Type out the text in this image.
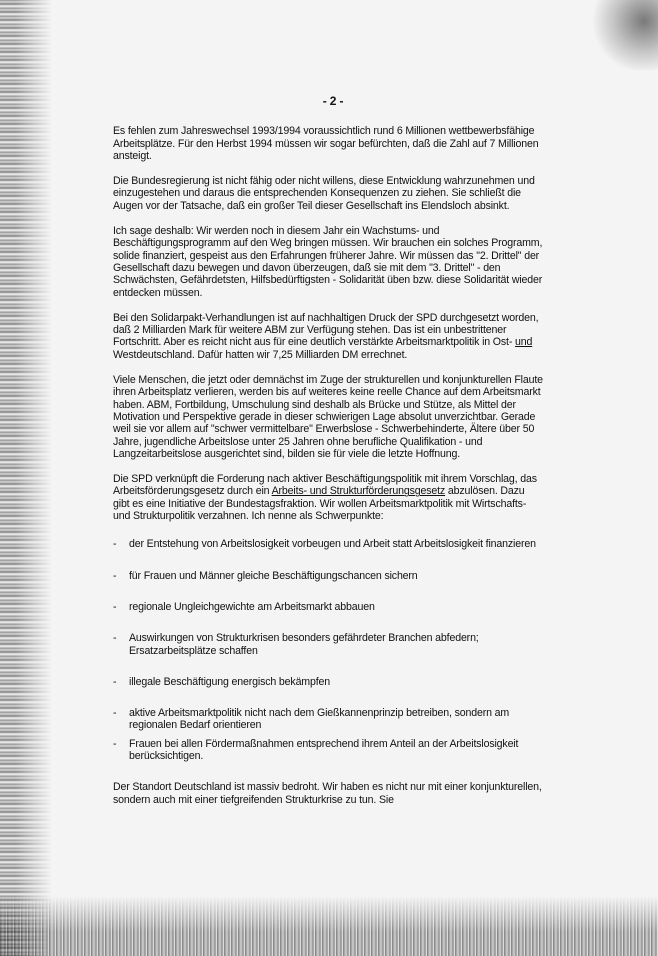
- 2 -

Es fehlen zum Jahreswechsel 1993/1994 voraussichtlich rund 6 Millionen wettbewerbsfähige Arbeitsplätze. Für den Herbst 1994 müssen wir sogar befürchten, daß die Zahl auf 7 Millionen ansteigt.

Die Bundesregierung ist nicht fähig oder nicht willens, diese Entwicklung wahrzunehmen und einzugestehen und daraus die entsprechenden Konsequenzen zu ziehen. Sie schließt die Augen vor der Tatsache, daß ein großer Teil dieser Gesellschaft ins Elendsloch absinkt.

Ich sage deshalb: Wir werden noch in diesem Jahr ein Wachstums- und Beschäftigungsprogramm auf den Weg bringen müssen. Wir brauchen ein solches Programm, solide finanziert, gespeist aus den Erfahrungen früherer Jahre. Wir müssen das "2. Drittel" der Gesellschaft dazu bewegen und davon überzeugen, daß sie mit dem "3. Drittel" - den Schwächsten, Gefährdetsten, Hilfsbedürftigsten - Solidarität üben bzw. diese Solidarität wieder entdecken müssen.

Bei den Solidarpakt-Verhandlungen ist auf nachhaltigen Druck der SPD durchgesetzt worden, daß 2 Milliarden Mark für weitere ABM zur Verfügung stehen. Das ist ein unbestrittener Fortschritt. Aber es reicht nicht aus für eine deutlich verstärkte Arbeitsmarktpolitik in Ost- und Westdeutschland. Dafür hatten wir 7,25 Milliarden DM errechnet.

Viele Menschen, die jetzt oder demnächst im Zuge der strukturellen und konjunkturellen Flaute ihren Arbeitsplatz verlieren, werden bis auf weiteres keine reelle Chance auf dem Arbeitsmarkt haben. ABM, Fortbildung, Umschulung sind deshalb als Brücke und Stütze, als Mittel der Motivation und Perspektive gerade in dieser schwierigen Lage absolut unverzichtbar. Gerade weil sie vor allem auf "schwer vermittelbare" Erwerbslose - Schwerbehinderte, Ältere über 50 Jahre, jugendliche Arbeitslose unter 25 Jahren ohne berufliche Qualifikation - und Langzeitarbeitslose ausgerichtet sind, bilden sie für viele die letzte Hoffnung.

Die SPD verknüpft die Forderung nach aktiver Beschäftigungspolitik mit ihrem Vorschlag, das Arbeitsförderungsgesetz durch ein Arbeits- und Strukturförderungsgesetz abzulösen. Dazu gibt es eine Initiative der Bundestagsfraktion. Wir wollen Arbeitsmarktpolitik mit Wirtschafts- und Strukturpolitik verzahnen. Ich nenne als Schwerpunkte:

- der Entstehung von Arbeitslosigkeit vorbeugen und Arbeit statt Arbeitslosigkeit finanzieren
- für Frauen und Männer gleiche Beschäftigungschancen sichern
- regionale Ungleichgewichte am Arbeitsmarkt abbauen
- Auswirkungen von Strukturkrisen besonders gefährdeter Branchen abfedern; Ersatzarbeitsplätze schaffen
- illegale Beschäftigung energisch bekämpfen
- aktive Arbeitsmarktpolitik nicht nach dem Gießkannenprinzip betreiben, sondern am regionalen Bedarf orientieren
- Frauen bei allen Fördermaßnahmen entsprechend ihrem Anteil an der Arbeitslosigkeit berücksichtigen.

Der Standort Deutschland ist massiv bedroht. Wir haben es nicht nur mit einer konjunkturellen, sondern auch mit einer tiefgreifenden Strukturkrise zu tun. Sie
